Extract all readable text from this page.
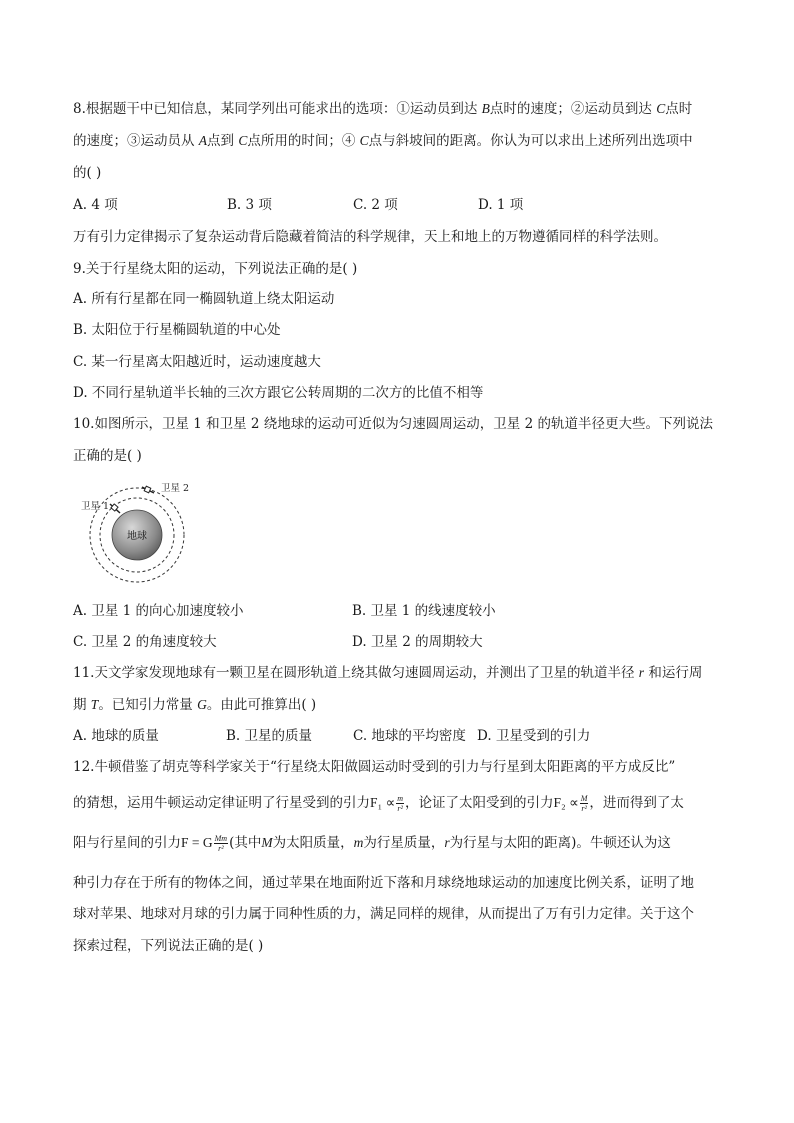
8.根据题干中已知信息，某同学列出可能求出的选项：①运动员到达 B点时的速度；②运动员到达 C点时
的速度；③运动员从 A点到 C点所用的时间；④ C点与斜坡间的距离。你认为可以求出上述所列出选项中
的( )
A. 4 项	B. 3 项	C. 2 项	D. 1 项
万有引力定律揭示了复杂运动背后隐藏着简洁的科学规律，天上和地上的万物遵循同样的科学法则。
9.关于行星绕太阳的运动，下列说法正确的是( )
A. 所有行星都在同一椭圆轨道上绕太阳运动
B. 太阳位于行星椭圆轨道的中心处
C. 某一行星离太阳越近时，运动速度越大
D. 不同行星轨道半长轴的三次方跟它公转周期的二次方的比值不相等
10.如图所示，卫星 1 和卫星 2 绕地球的运动可近似为匀速圆周运动，卫星 2 的轨道半径更大些。下列说法
正确的是( )
地球
卫星 1
卫星 2
A. 卫星 1 的向心加速度较小	B. 卫星 1 的线速度较小
C. 卫星 2 的角速度较大	D. 卫星 2 的周期较大
11.天文学家发现地球有一颗卫星在圆形轨道上绕其做匀速圆周运动，并测出了卫星的轨道半径 r 和运行周
期 T。已知引力常量 G。由此可推算出( )
A. 地球的质量	B. 卫星的质量	C. 地球的平均密度 D. 卫星受到的引力
12.牛顿借鉴了胡克等科学家关于“行星绕太阳做圆运动时受到的引力与行星到太阳距离的平方成反比”
的猜想，运用牛顿运动定律证明了行星受到的引力$F_1 \propto \frac{m}{\text{r²}}$ ，论证了太阳受到的引力$F_2 \propto \frac{M}{\text{r²}}$ ，进而得到了太
阳与行星间的引力F = G $\frac{Mm}{\text{r²}}$ (其中M为太阳质量，m为行星质量，r为行星与太阳的距离)。牛顿还认为这
种引力存在于所有的物体之间，通过苹果在地面附近下落和月球绕地球运动的加速度比例关系，证明了地
球对苹果、地球对月球的引力属于同种性质的力，满足同样的规律，从而提出了万有引力定律。关于这个
探索过程，下列说法正确的是( )
